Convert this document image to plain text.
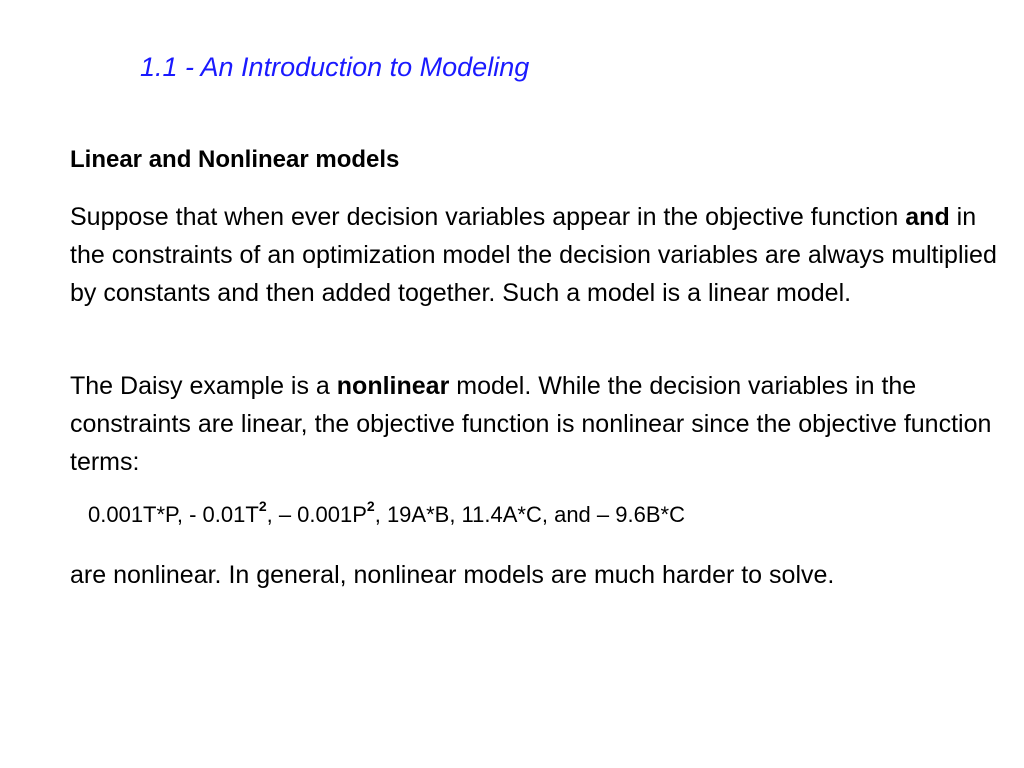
1.1 - An Introduction to Modeling
Linear and Nonlinear models

Suppose that when ever decision variables appear in the objective function and in the constraints of an optimization model the decision variables are always multiplied by constants and then added together. Such a model is a linear model.

The Daisy example is a nonlinear model. While the decision variables in the constraints are linear, the objective function is nonlinear since the objective function terms:

0.001T*P, - $0.01T^2$, – $0.001P^2$, 19A*B, 11.4A*C, and – 9.6B*C

are nonlinear. In general, nonlinear models are much harder to solve.
